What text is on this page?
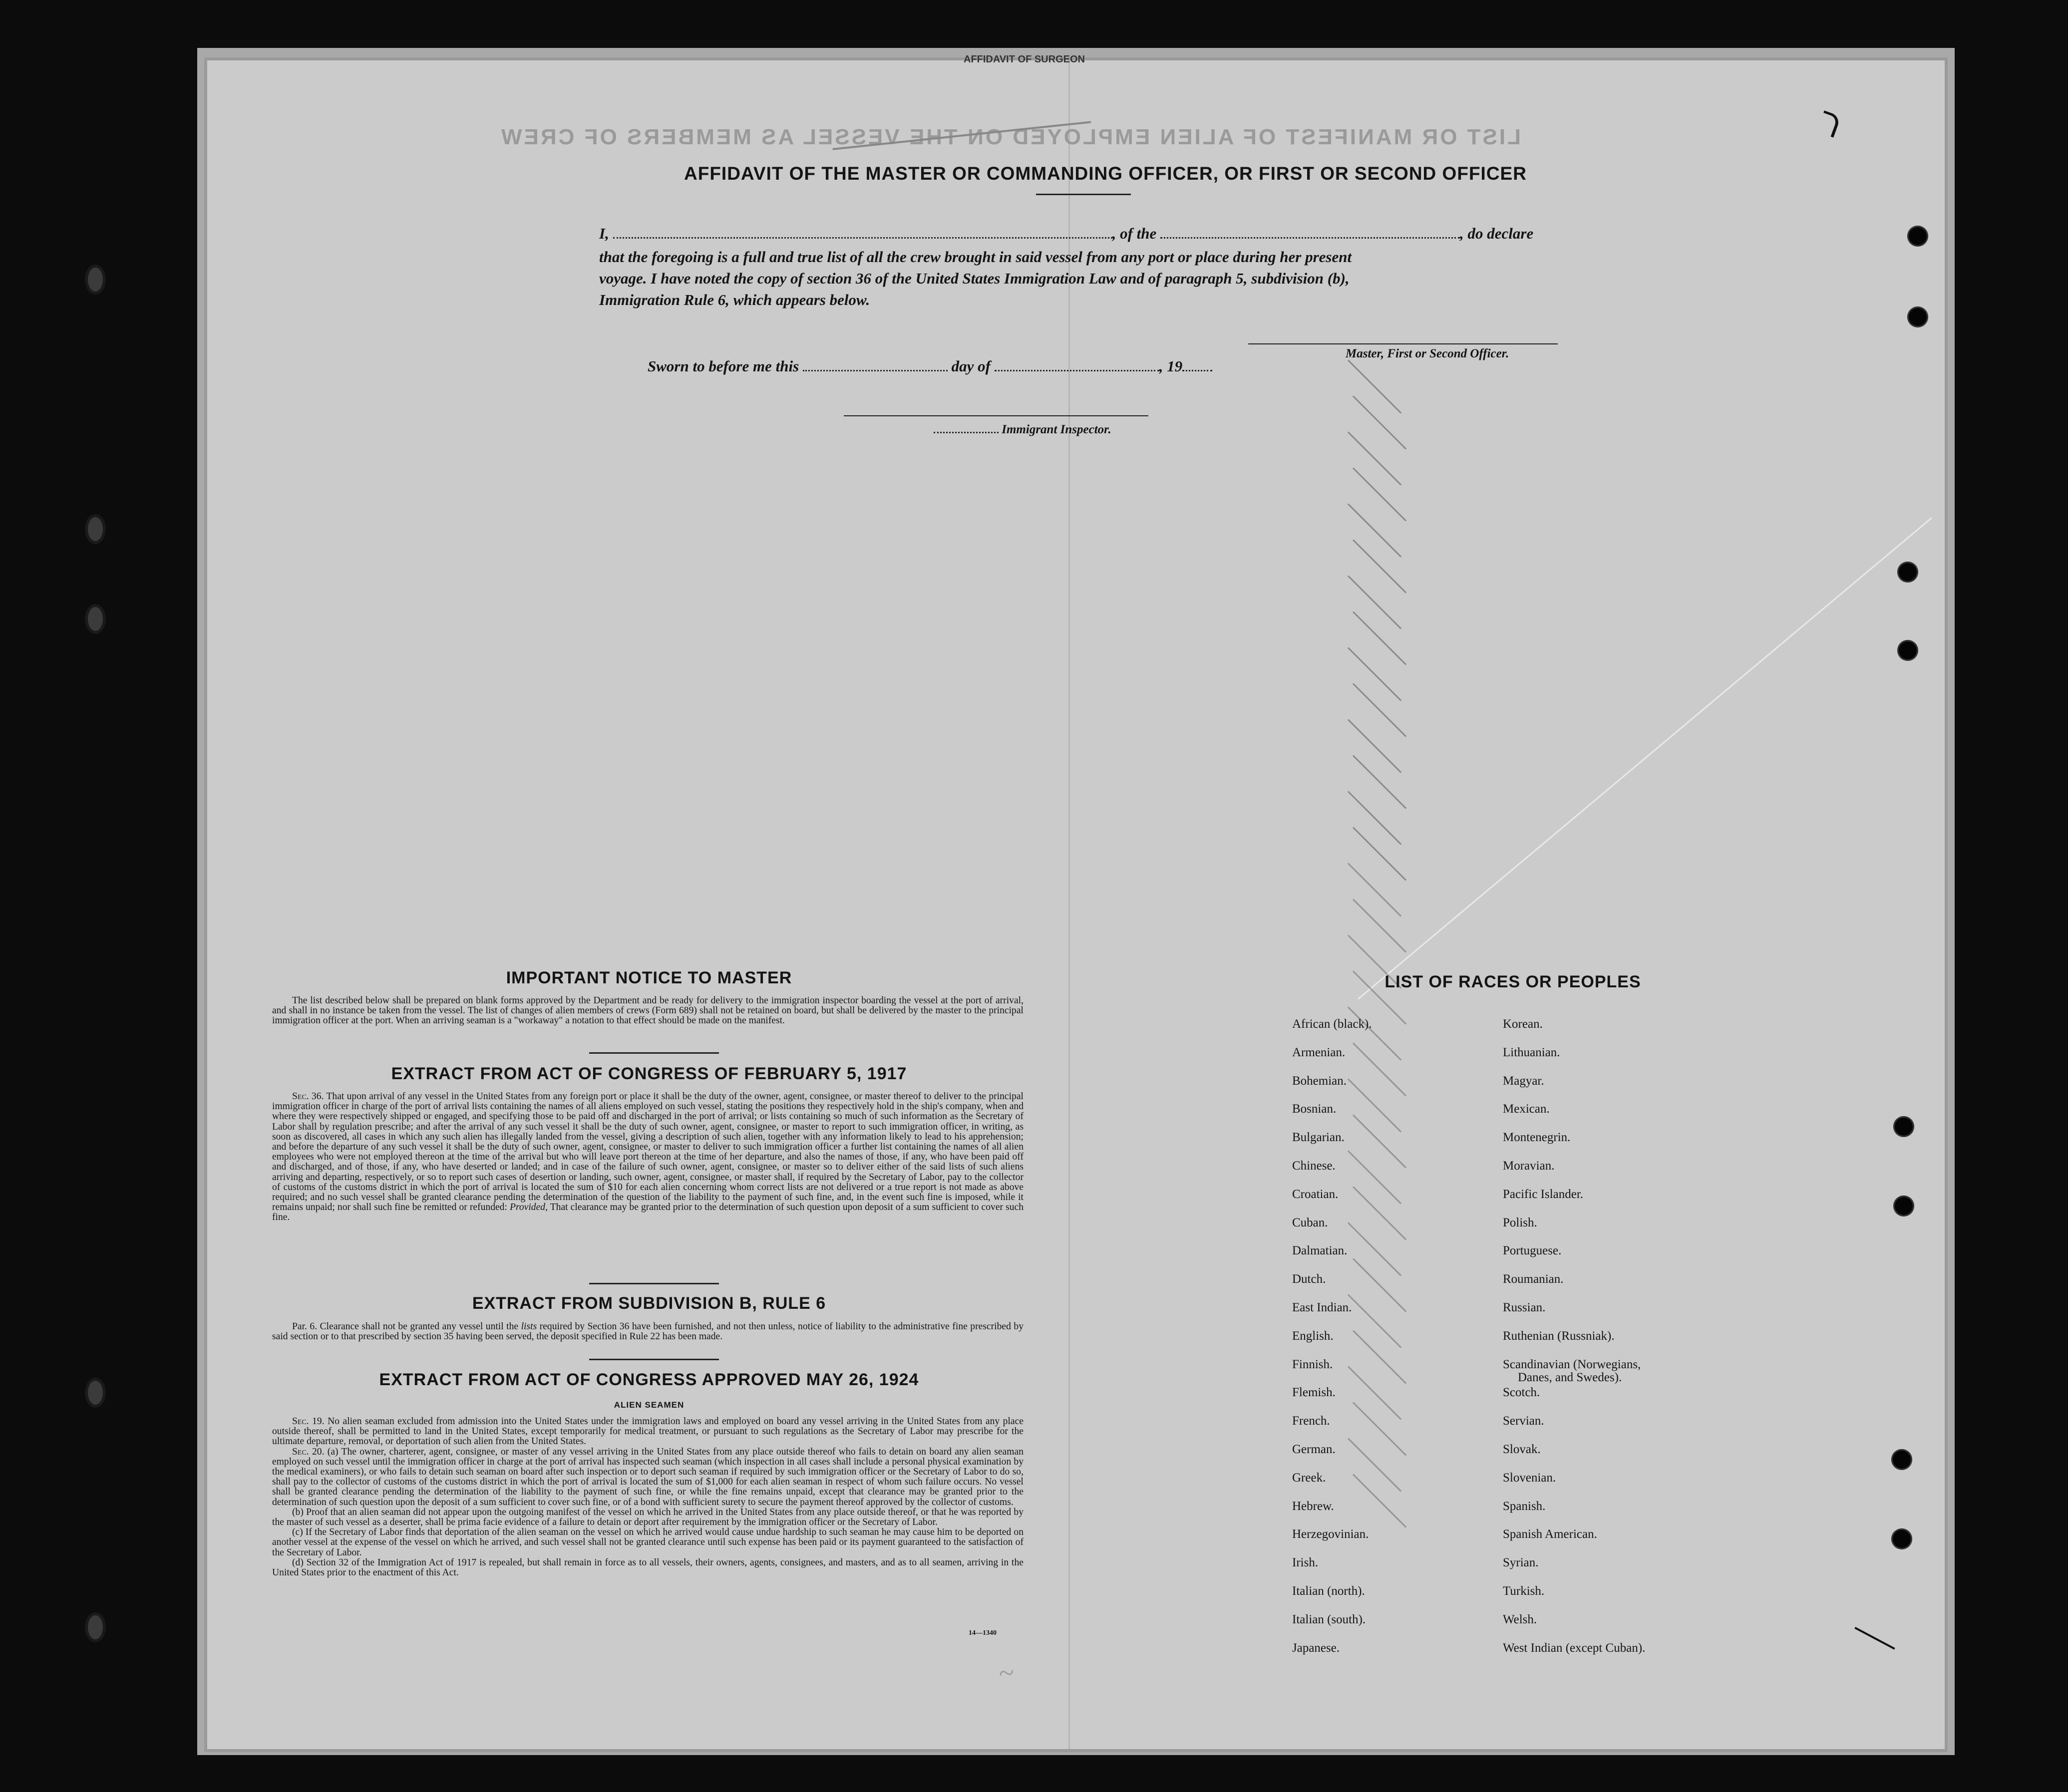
AFFIDAVIT OF SURGEON
LIST OR MANIFEST OF ALIEN EMPLOYED ON THE VESSEL AS MEMBERS OF CREW
AFFIDAVIT OF THE MASTER OR COMMANDING OFFICER, OR FIRST OR SECOND OFFICER
I,	, of the	, do declare
that the foregoing is a full and true list of all the crew brought in said vessel from any port or place during her present
voyage. I have noted the copy of section 36 of the United States Immigration Law and of paragraph 5, subdivision (b),
Immigration Rule 6, which appears below.
Master, First or Second Officer.
Sworn to before me this	day of	, 19
Immigrant Inspector.
IMPORTANT NOTICE TO MASTER

The list described below shall be prepared on blank forms approved by the Department and be ready for delivery to the immigration inspector boarding the vessel at the port of arrival, and shall in no instance be taken from the vessel. The list of changes of alien members of crews (Form 689) shall not be retained on board, but shall be delivered by the master to the principal immigration officer at the port. When an arriving seaman is a "workaway" a notation to that effect should be made on the manifest.

EXTRACT FROM ACT OF CONGRESS OF FEBRUARY 5, 1917

Sec. 36. That upon arrival of any vessel in the United States from any foreign port or place it shall be the duty of the owner, agent, consignee, or master thereof to deliver to the principal immigration officer in charge of the port of arrival lists containing the names of all aliens employed on such vessel, stating the positions they respectively hold in the ship's company, when and where they were respectively shipped or engaged, and specifying those to be paid off and discharged in the port of arrival; or lists containing so much of such information as the Secretary of Labor shall by regulation prescribe; and after the arrival of any such vessel it shall be the duty of such owner, agent, consignee, or master to report to such immigration officer, in writing, as soon as discovered, all cases in which any such alien has illegally landed from the vessel, giving a description of such alien, together with any information likely to lead to his apprehension; and before the departure of any such vessel it shall be the duty of such owner, agent, consignee, or master to deliver to such immigration officer a further list containing the names of all alien employees who were not employed thereon at the time of the arrival but who will leave port thereon at the time of her departure, and also the names of those, if any, who have been paid off and discharged, and of those, if any, who have deserted or landed; and in case of the failure of such owner, agent, consignee, or master so to deliver either of the said lists of such aliens arriving and departing, respectively, or so to report such cases of desertion or landing, such owner, agent, consignee, or master shall, if required by the Secretary of Labor, pay to the collector of customs of the customs district in which the port of arrival is located the sum of $10 for each alien concerning whom correct lists are not delivered or a true report is not made as above required; and no such vessel shall be granted clearance pending the determination of the question of the liability to the payment of such fine, and, in the event such fine is imposed, while it remains unpaid; nor shall such fine be remitted or refunded: Provided, That clearance may be granted prior to the determination of such question upon deposit of a sum sufficient to cover such fine.

EXTRACT FROM SUBDIVISION B, RULE 6

Par. 6. Clearance shall not be granted any vessel until the lists required by Section 36 have been furnished, and not then unless, notice of liability to the administrative fine prescribed by said section or to that prescribed by section 35 having been served, the deposit specified in Rule 22 has been made.

EXTRACT FROM ACT OF CONGRESS APPROVED MAY 26, 1924
ALIEN SEAMEN

Sec. 19. No alien seaman excluded from admission into the United States under the immigration laws and employed on board any vessel arriving in the United States from any place outside thereof, shall be permitted to land in the United States, except temporarily for medical treatment, or pursuant to such regulations as the Secretary of Labor may prescribe for the ultimate departure, removal, or deportation of such alien from the United States.

Sec. 20. (a) The owner, charterer, agent, consignee, or master of any vessel arriving in the United States from any place outside thereof who fails to detain on board any alien seaman employed on such vessel until the immigration officer in charge at the port of arrival has inspected such seaman (which inspection in all cases shall include a personal physical examination by the medical examiners), or who fails to detain such seaman on board after such inspection or to deport such seaman if required by such immigration officer or the Secretary of Labor to do so, shall pay to the collector of customs of the customs district in which the port of arrival is located the sum of $1,000 for each alien seaman in respect of whom such failure occurs. No vessel shall be granted clearance pending the determination of the liability to the payment of such fine, or while the fine remains unpaid, except that clearance may be granted prior to the determination of such question upon the deposit of a sum sufficient to cover such fine, or of a bond with sufficient surety to secure the payment thereof approved by the collector of customs.

(b) Proof that an alien seaman did not appear upon the outgoing manifest of the vessel on which he arrived in the United States from any place outside thereof, or that he was reported by the master of such vessel as a deserter, shall be prima facie evidence of a failure to detain or deport after requirement by the immigration officer or the Secretary of Labor.

(c) If the Secretary of Labor finds that deportation of the alien seaman on the vessel on which he arrived would cause undue hardship to such seaman he may cause him to be deported on another vessel at the expense of the vessel on which he arrived, and such vessel shall not be granted clearance until such expense has been paid or its payment guaranteed to the satisfaction of the Secretary of Labor.

(d) Section 32 of the Immigration Act of 1917 is repealed, but shall remain in force as to all vessels, their owners, agents, consignees, and masters, and as to all seamen, arriving in the United States prior to the enactment of this Act.

14—1340
LIST OF RACES OR PEOPLES
African (black).
Armenian.
Bohemian.
Bosnian.
Bulgarian.
Chinese.
Croatian.
Cuban.
Dalmatian.
Dutch.
East Indian.
English.
Finnish.
Flemish.
French.
German.
Greek.
Hebrew.
Herzegovinian.
Irish.
Italian (north).
Italian (south).
Japanese.
Korean.
Lithuanian.
Magyar.
Mexican.
Montenegrin.
Moravian.
Pacific Islander.
Polish.
Portuguese.
Roumanian.
Russian.
Ruthenian (Russniak).
Scandinavian (Norwegians,
Scotch.
Servian.
Slovak.
Slovenian.
Spanish.
Spanish American.
Syrian.
Turkish.
Welsh.
West Indian (except Cuban).
Danes, and Swedes).
~
